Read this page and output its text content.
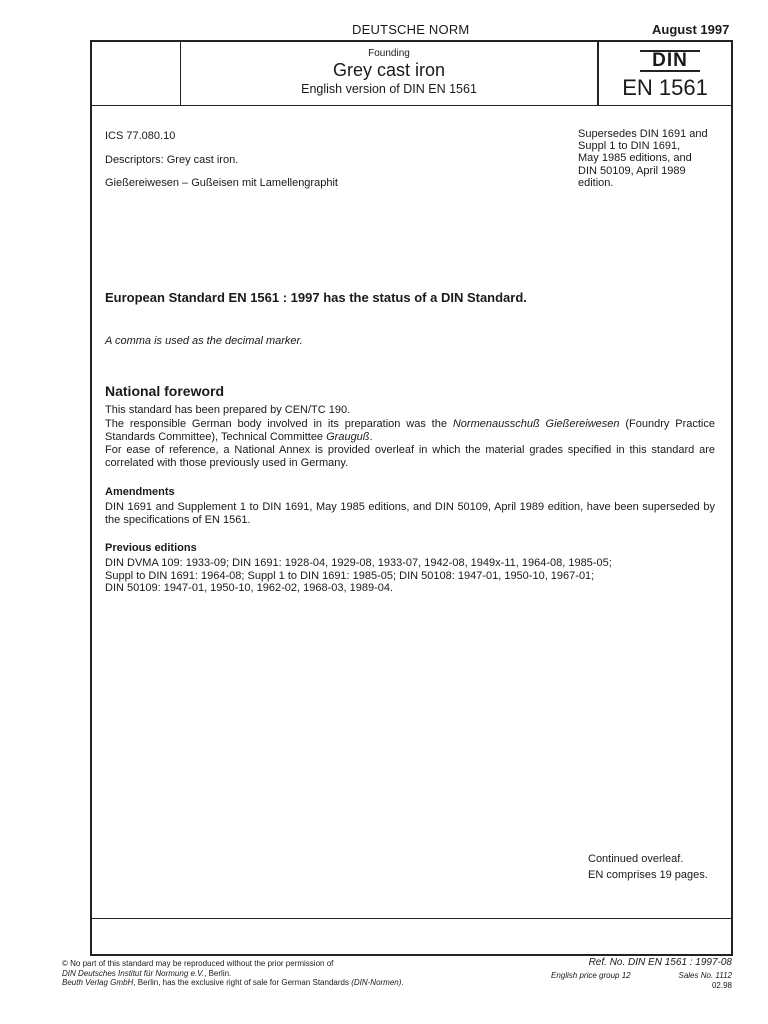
DEUTSCHE NORM	August 1997
Founding
Grey cast iron
English version of DIN EN 1561
DIN
EN 1561
ICS 77.080.10
Descriptors: Grey cast iron.
Gießereiwesen – Gußeisen mit Lamellengraphit
Supersedes DIN 1691 and
Suppl 1 to DIN 1691,
May 1985 editions, and
DIN 50109, April 1989
edition.
European Standard EN 1561 : 1997 has the status of a DIN Standard.
A comma is used as the decimal marker.
National foreword
This standard has been prepared by CEN/TC 190.
The responsible German body involved in its preparation was the Normenausschuß Gießereiwesen (Foundry Practice Standards Committee), Technical Committee Grauguß.
For ease of reference, a National Annex is provided overleaf in which the material grades specified in this standard are correlated with those previously used in Germany.
Amendments
DIN 1691 and Supplement 1 to DIN 1691, May 1985 editions, and DIN 50109, April 1989 edition, have been superseded by the specifications of EN 1561.
Previous editions
DIN DVMA 109: 1933-09; DIN 1691: 1928-04, 1929-08, 1933-07, 1942-08, 1949x-11, 1964-08, 1985-05;
Suppl to DIN 1691: 1964-08; Suppl 1 to DIN 1691: 1985-05; DIN 50108: 1947-01, 1950-10, 1967-01;
DIN 50109: 1947-01, 1950-10, 1962-02, 1968-03, 1989-04.
Continued overleaf.
EN comprises 19 pages.
© No part of this standard may be reproduced without the prior permission of
DIN Deutsches Institut für Normung e.V., Berlin.
Beuth Verlag GmbH, Berlin, has the exclusive right of sale for German Standards (DIN-Normen).
Ref. No. DIN EN 1561 : 1997-08
English price group 12	Sales No. 1112
02.98
